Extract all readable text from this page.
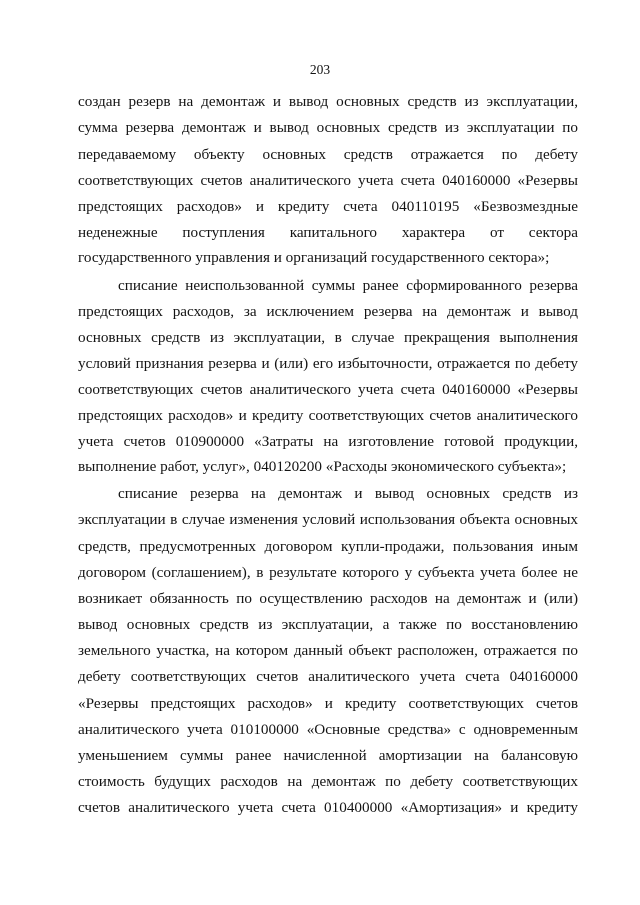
203
создан резерв на демонтаж и вывод основных средств из эксплуатации,
сумма резерва демонтаж и вывод основных средств из эксплуатации по
передаваемому объекту основных средств отражается по дебету
соответствующих счетов аналитического учета счета 040160000 «Резервы
предстоящих расходов» и кредиту счета 040110195 «Безвозмездные
неденежные поступления капитального характера от сектора
государственного управления и организаций государственного сектора»;
списание неиспользованной суммы ранее сформированного резерва
предстоящих расходов, за исключением резерва на демонтаж и вывод
основных средств из эксплуатации, в случае прекращения выполнения
условий признания резерва и (или) его избыточности, отражается по дебету
соответствующих счетов аналитического учета счета 040160000 «Резервы
предстоящих расходов» и кредиту соответствующих счетов аналитического
учета счетов 010900000 «Затраты на изготовление готовой продукции,
выполнение работ, услуг», 040120200 «Расходы экономического субъекта»;
списание резерва на демонтаж и вывод основных средств из
эксплуатации в случае изменения условий использования объекта основных
средств, предусмотренных договором купли-продажи, пользования иным
договором (соглашением), в результате которого у субъекта учета более не
возникает обязанность по осуществлению расходов на демонтаж и (или)
вывод основных средств из эксплуатации, а также по восстановлению
земельного участка, на котором данный объект расположен, отражается по
дебету соответствующих счетов аналитического учета счета 040160000
«Резервы предстоящих расходов» и кредиту соответствующих счетов
аналитического учета 010100000 «Основные средства» с одновременным
уменьшением суммы ранее начисленной амортизации на балансовую
стоимость будущих расходов на демонтаж по дебету соответствующих
счетов аналитического учета счета 010400000 «Амортизация» и кредиту
